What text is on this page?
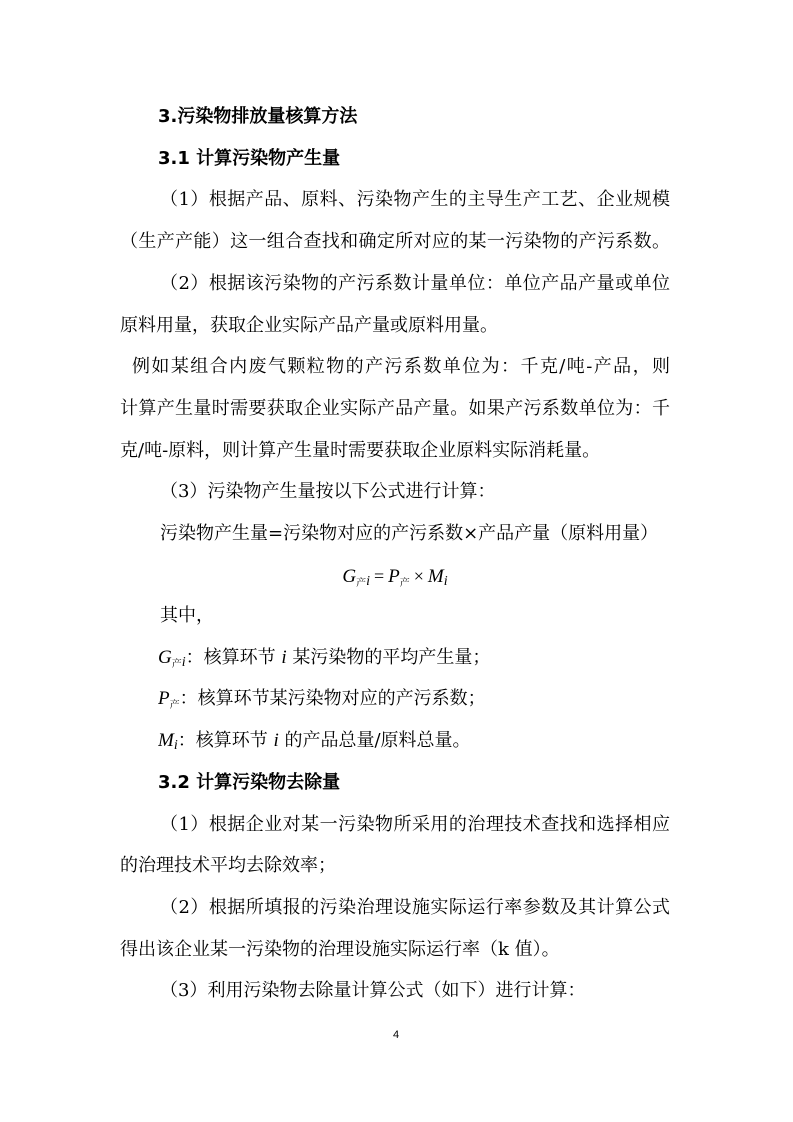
3.污染物排放量核算方法
3.1 计算污染物产生量
（1）根据产品、原料、污染物产生的主导生产工艺、企业规模
（生产产能）这一组合查找和确定所对应的某一污染物的产污系数。
（2）根据该污染物的产污系数计量单位：单位产品产量或单位
原料用量，获取企业实际产品产量或原料用量。
例如某组合内废气颗粒物的产污系数单位为：千克/吨-产品，则
计算产生量时需要获取企业实际产品产量。如果产污系数单位为：千
克/吨-原料，则计算产生量时需要获取企业原料实际消耗量。
（3）污染物产生量按以下公式进行计算：
污染物产生量=污染物对应的产污系数×产品产量（原料用量）
$G_产i = P_产 \times Mi$
其中，
$G_产i$：核算环节 i 某污染物的平均产生量；
$P_产$：核算环节某污染物对应的产污系数；
Mi：核算环节 i 的产品总量/原料总量。
3.2 计算污染物去除量
（1）根据企业对某一污染物所采用的治理技术查找和选择相应
的治理技术平均去除效率；
（2）根据所填报的污染治理设施实际运行率参数及其计算公式
得出该企业某一污染物的治理设施实际运行率（k 值）。
（3）利用污染物去除量计算公式（如下）进行计算：
4
